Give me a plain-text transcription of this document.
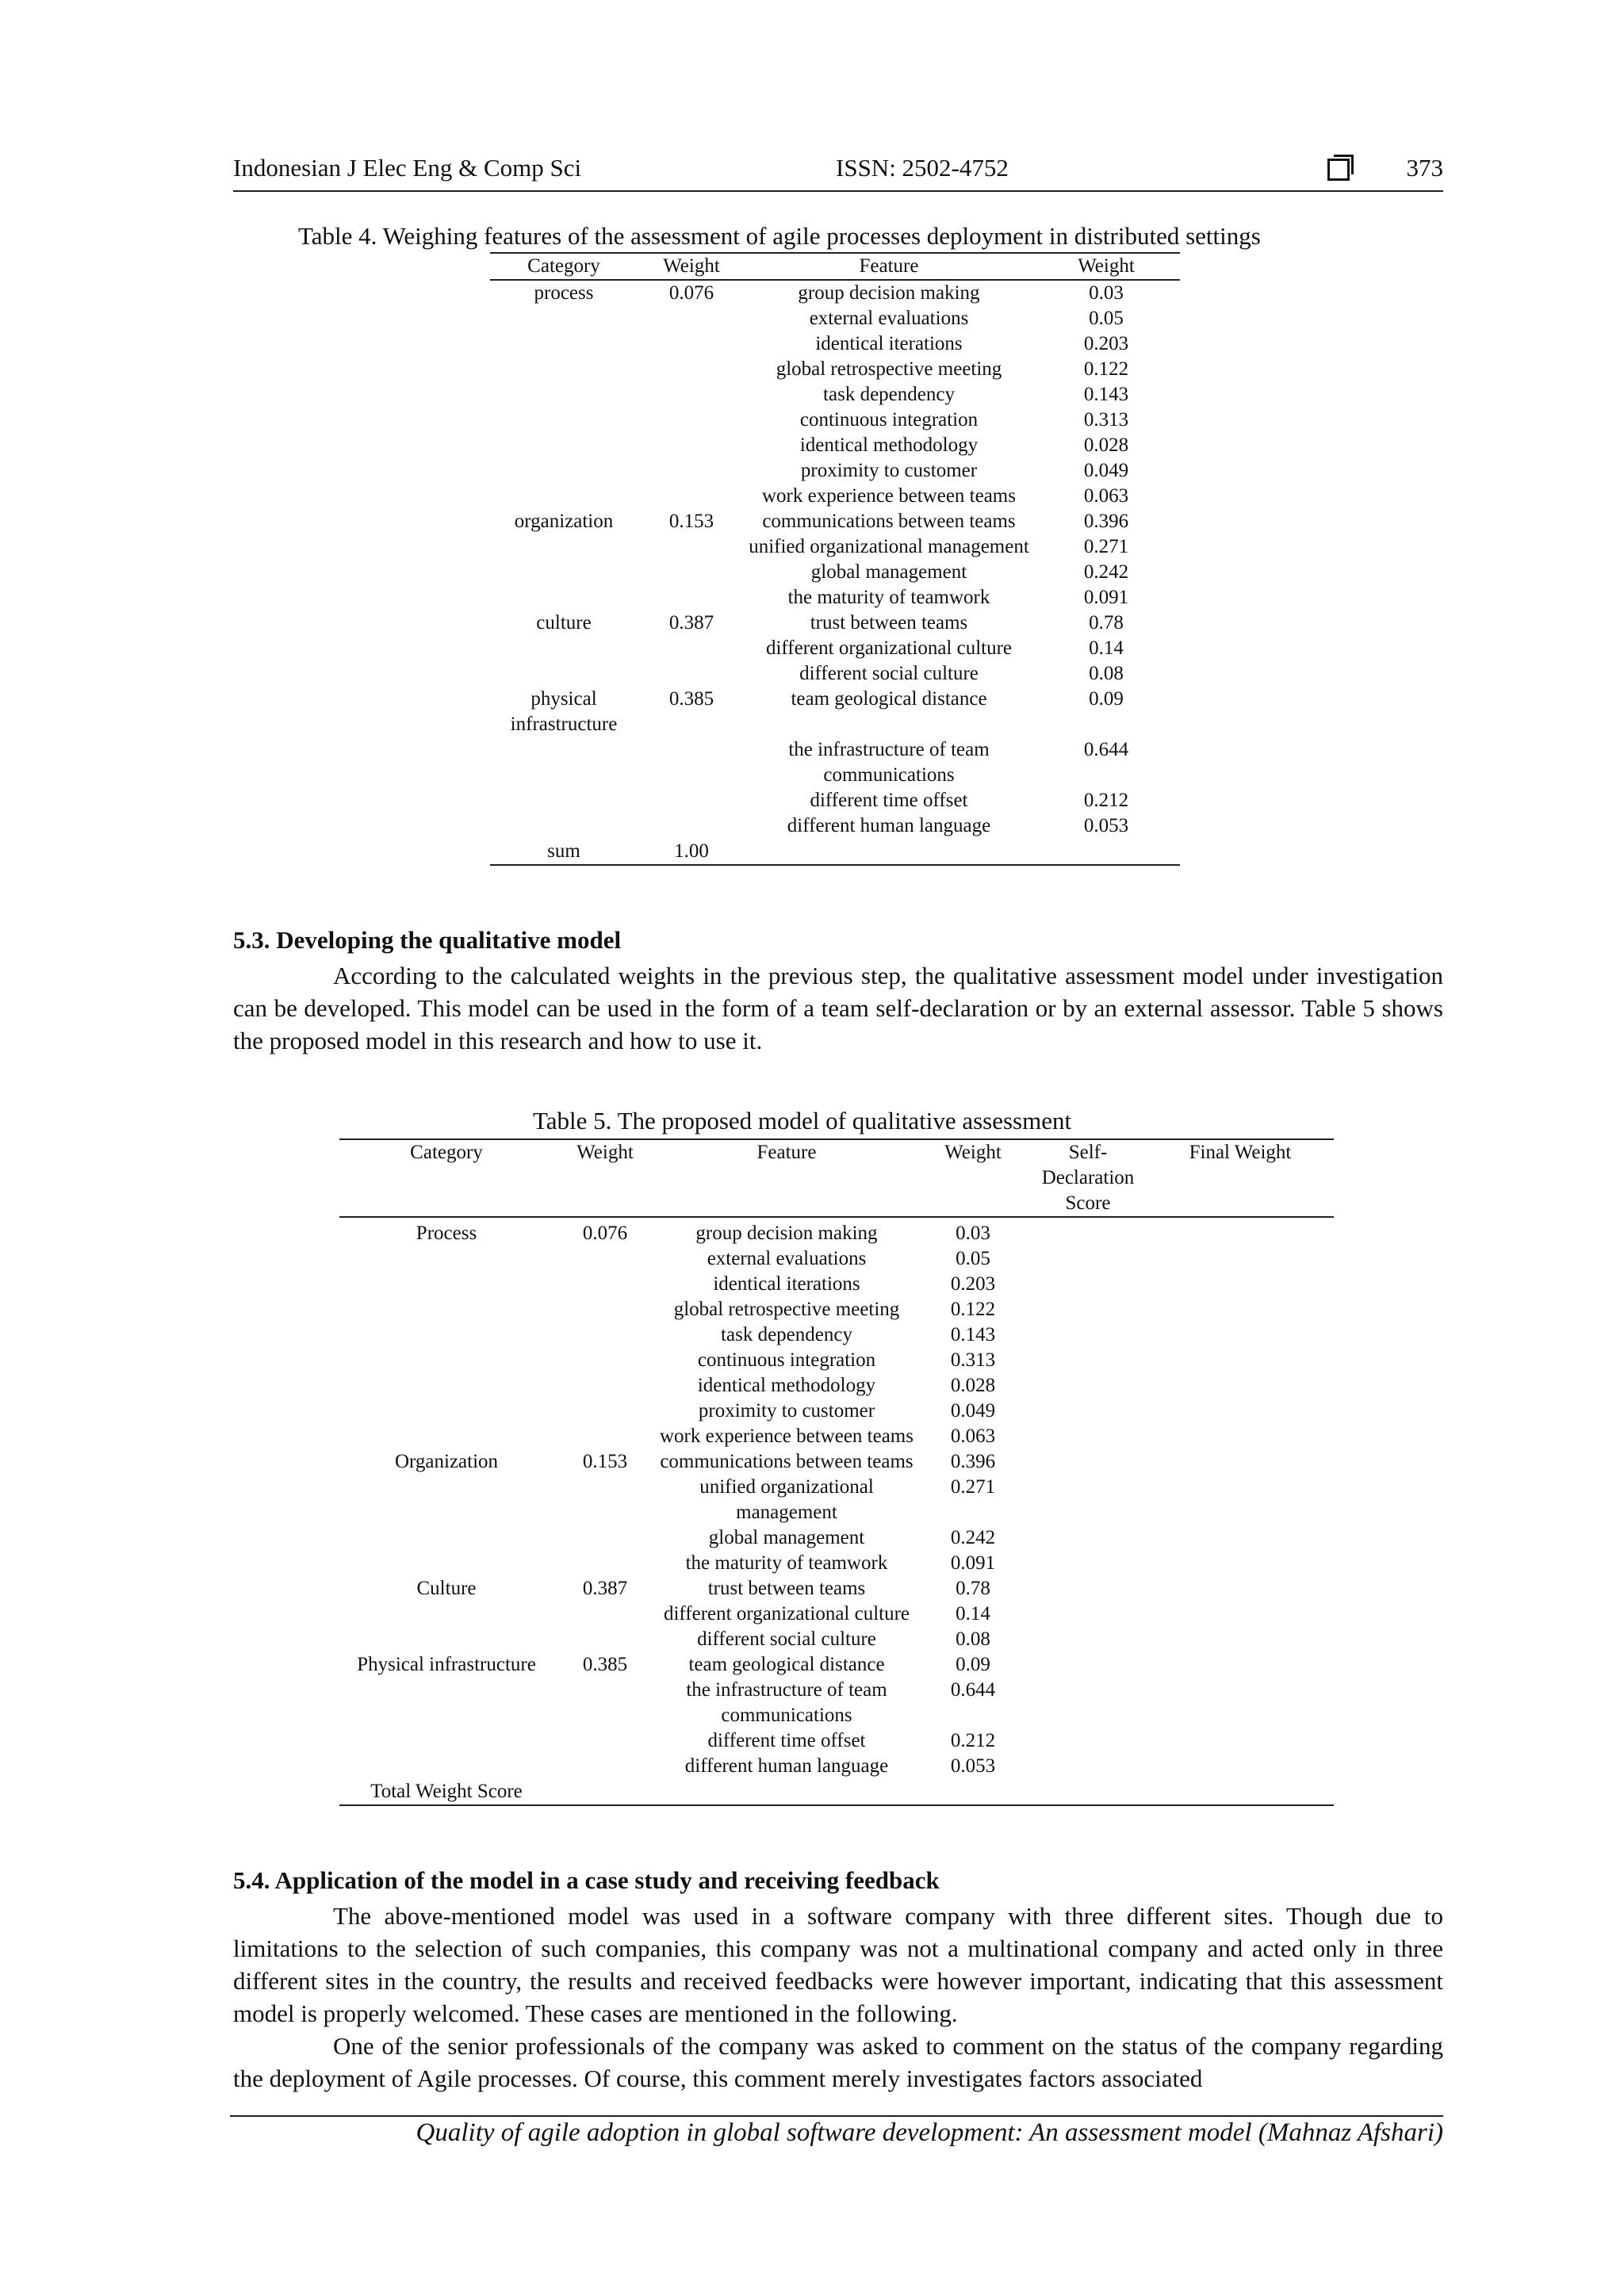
Indonesian J Elec Eng & Comp Sci	ISSN: 2502-4752	373
Table 4. Weighing features of the assessment of agile processes deployment in distributed settings
Category	Weight	Feature	Weight
process	0.076	group decision making	0.03
		external evaluations	0.05
		identical iterations	0.203
		global retrospective meeting	0.122
		task dependency	0.143
		continuous integration	0.313
		identical methodology	0.028
		proximity to customer	0.049
		work experience between teams	0.063
organization	0.153	communications between teams	0.396
		unified organizational management	0.271
		global management	0.242
		the maturity of teamwork	0.091
culture	0.387	trust between teams	0.78
		different organizational culture	0.14
		different social culture	0.08
physical infrastructure	0.385	team geological distance	0.09
		the infrastructure of team communications	0.644
		different time offset	0.212
		different human language	0.053
sum	1.00		
5.3. Developing the qualitative model
According to the calculated weights in the previous step, the qualitative assessment model under investigation can be developed. This model can be used in the form of a team self-declaration or by an external assessor. Table 5 shows the proposed model in this research and how to use it.
Table 5. The proposed model of qualitative assessment
Category	Weight	Feature	Weight	Self-Declaration Score	Final Weight
Process	0.076	group decision making	0.03		
		external evaluations	0.05		
		identical iterations	0.203		
		global retrospective meeting	0.122		
		task dependency	0.143		
		continuous integration	0.313		
		identical methodology	0.028		
		proximity to customer	0.049		
		work experience between teams	0.063		
Organization	0.153	communications between teams	0.396		
		unified organizational management	0.271		
		global management	0.242		
		the maturity of teamwork	0.091		
Culture	0.387	trust between teams	0.78		
		different organizational culture	0.14		
		different social culture	0.08		
Physical infrastructure	0.385	team geological distance	0.09		
		the infrastructure of team communications	0.644		
		different time offset	0.212		
		different human language	0.053		
Total Weight Score					
5.4. Application of the model in a case study and receiving feedback
The above-mentioned model was used in a software company with three different sites. Though due to limitations to the selection of such companies, this company was not a multinational company and acted only in three different sites in the country, the results and received feedbacks were however important, indicating that this assessment model is properly welcomed. These cases are mentioned in the following.
One of the senior professionals of the company was asked to comment on the status of the company regarding the deployment of Agile processes. Of course, this comment merely investigates factors associated
Quality of agile adoption in global software development: An assessment model (Mahnaz Afshari)
